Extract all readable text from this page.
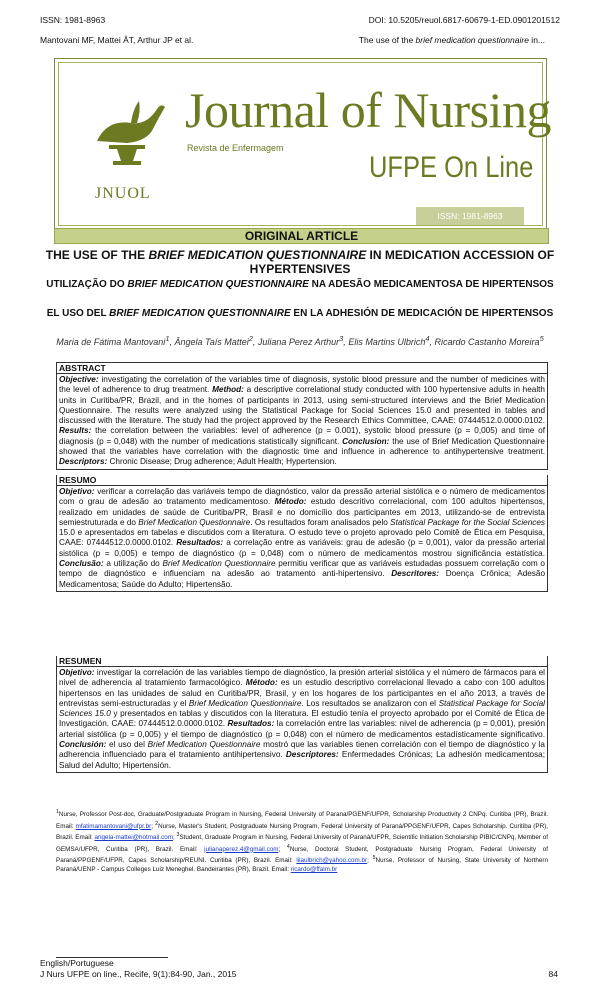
ISSN: 1981-8963	DOI: 10.5205/reuol.6817-60679-1-ED.0901201512
Mantovani MF, Mattei ÂT, Arthur JP et al.	The use of the brief medication questionnaire in...
JNUOL
Journal of Nursing
Revista de Enfermagem
UFPE On Line
ISSN: 1981-8963
ORIGINAL ARTICLE
THE USE OF THE BRIEF MEDICATION QUESTIONNAIRE IN MEDICATION ACCESSION OF HYPERTENSIVES
UTILIZAÇÃO DO BRIEF MEDICATION QUESTIONNAIRE NA ADESÃO MEDICAMENTOSA DE HIPERTENSOS
EL USO DEL BRIEF MEDICATION QUESTIONNAIRE EN LA ADHESIÓN DE MEDICACIÓN DE HIPERTENSOS
Maria de Fátima Mantovani$^1$, Ângela Taís Mattei$^2$, Juliana Perez Arthur$^3$, Elis Martins Ulbrich$^4$, Ricardo Castanho Moreira$^5$
ABSTRACT
Objective: investigating the correlation of the variables time of diagnosis, systolic blood pressure and the number of medicines with the level of adherence to drug treatment. Method: a descriptive correlational study conducted with 100 hypertensive adults in health units in Curitiba/PR, Brazil, and in the homes of participants in 2013, using semi-structured interviews and the Brief Medication Questionnaire. The results were analyzed using the Statistical Package for Social Sciences 15.0 and presented in tables and discussed with the literature. The study had the project approved by the Research Ethics Committee, CAAE: 07444512.0.0000.0102. Results: the correlation between the variables: level of adherence (p = 0.001), systolic blood pressure (p = 0,005) and time of diagnosis (p = 0,048) with the number of medications statistically significant. Conclusion: the use of Brief Medication Questionnaire showed that the variables have correlation with the diagnostic time and influence in adherence to antihypertensive treatment. Descriptors: Chronic Disease; Drug adherence; Adult Health; Hypertension.
RESUMO
Objetivo: verificar a correlação das variáveis tempo de diagnóstico, valor da pressão arterial sistólica e o número de medicamentos com o grau de adesão ao tratamento medicamentoso. Método: estudo descritivo correlacional, com 100 adultos hipertensos, realizado em unidades de saúde de Curitiba/PR, Brasil e no domicílio dos participantes em 2013, utilizando-se de entrevista semiestruturada e do Brief Medication Questionnaire. Os resultados foram analisados pelo Statistical Package for the Social Sciences 15.0 e apresentados em tabelas e discutidos com a literatura. O estudo teve o projeto aprovado pelo Comitê de Ética em Pesquisa, CAAE: 07444512.0.0000.0102. Resultados: a correlação entre as variáveis: grau de adesão (p = 0,001), valor da pressão arterial sistólica (p = 0,005) e tempo de diagnóstico (p = 0,048) com o número de medicamentos mostrou significância estatística. Conclusão: a utilização do Brief Medication Questionnaire permitiu verificar que as variáveis estudadas possuem correlação com o tempo de diagnóstico e influenciam na adesão ao tratamento anti-hipertensivo. Descritores: Doença Crônica; Adesão Medicamentosa; Saúde do Adulto; Hipertensão.
RESUMEN
Objetivo: investigar la correlación de las variables tiempo de diagnóstico, la presión arterial sistólica y el número de fármacos para el nivel de adherencia al tratamiento farmacológico. Método: es un estudio descriptivo correlacional llevado a cabo con 100 adultos hipertensos en las unidades de salud en Curitiba/PR, Brasil, y en los hogares de los participantes en el año 2013, a través de entrevistas semi-estructuradas y el Brief Medication Questionnaire. Los resultados se analizaron con el Statistical Package for Social Sciences 15.0 y presentados en tablas y discutidos con la literatura. El estudio tenía el proyecto aprobado por el Comité de Ética de Investigación. CAAE: 07444512.0.0000.0102. Resultados: la correlación entre las variables: nivel de adherencia (p = 0,001), presión arterial sistólica (p = 0,005) y el tiempo de diagnóstico (p = 0,048) con el número de medicamentos estadísticamente significativo. Conclusión: el uso del Brief Medication Questionnaire mostró que las variables tienen correlación con el tiempo de diagnóstico y la adherencia influenciado para el tratamiento antihipertensivo. Descriptores: Enfermedades Crónicas; La adhesión medicamentosa; Salud del Adulto; Hipertensión.
$^1$Nurse, Professor Post-doc, Graduate/Postgraduate Program in Nursing, Federal University of Parana/PGENF/UFPR, Scholarship Productivity 2 CNPq. Curitiba (PR), Brazil. Email: mfatimamantovani@ufpr.br; $^2$Nurse, Master's Student, Postgraduate Nursing Program, Federal University of Paraná/PPGENF/UFPR, Capes Scholarship. Curitiba (PR), Brazil. Email: angela-mattei@hotmail.com; $^3$Student, Graduate Program in Nursing, Federal University of Paraná/UFPR, Scientific Initiation Scholarship PIBIC/CNPq, Member of GEMSA/UFPR, Curitiba (PR), Brazil. Email: julianaperez.4@gmail.com; $^4$Nurse, Doctoral Student, Postgraduate Nursing Program, Federal University of Paraná/PPGENF/UFPR, Capes Scholarship/REUNI. Curitiba (PR), Brazil. Email: lilaulbrich@yahoo.com.br; $^5$Nurse, Professor of Nursing, State University of Northern Paraná/UENP - Campus Colleges Luiz Meneghel. Bandeirantes (PR), Brazil. Email: ricardo@ffalm.br
English/Portuguese
J Nurs UFPE on line., Recife, 9(1):84-90, Jan., 2015	84
